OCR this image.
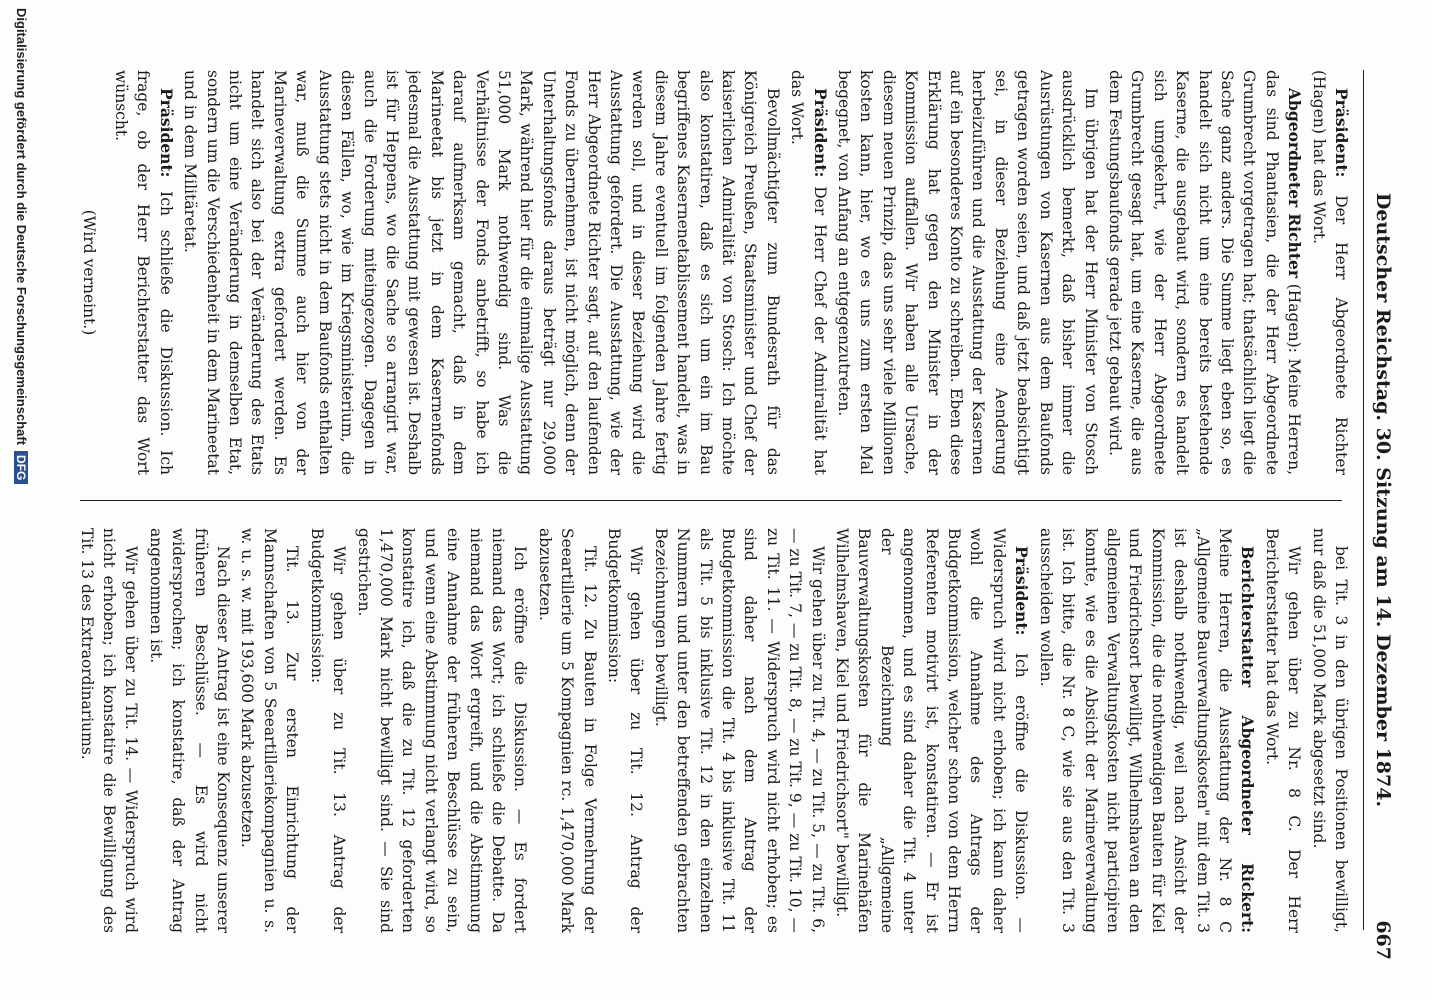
Deutscher Reichstag. 30. Sitzung am 14. Dezember 1874.
667

Präsident: Der Herr Abgeordnete Richter (Hagen) hat das Wort.

Abgeordneter Richter (Hagen): Meine Herren, das sind Phantasien, die der Herr Abgeordnete Grumbrecht vorgetragen hat; thatsächlich liegt die Sache ganz anders. Die Summe liegt eben so, es handelt sich nicht um eine bereits bestehende Kaserne, die ausgebaut wird, sondern es handelt sich umgekehrt, wie der Herr Abgeordnete Grumbrecht gesagt hat, um eine Kaserne, die aus dem Festungsbaufonds gerade jetzt gebaut wird.

Im übrigen hat der Herr Minister von Stosch ausdrücklich bemerkt, daß bisher immer die Ausrüstungen von Kasernen aus dem Baufonds getragen worden seien, und daß jetzt beabsichtigt sei, in dieser Beziehung eine Aenderung herbeizuführen und die Ausstattung der Kasernen auf ein besonderes Konto zu schreiben. Eben diese Erklärung hat gegen den Minister in der Kommission auffallen. Wir haben alle Ursache, diesem neuen Prinzip, das uns sehr viele Millionen kosten kann, hier, wo es uns zum ersten Mal begegnet, von Anfang an entgegenzutreten.

Präsident: Der Herr Chef der Admiralität hat das Wort.

Bevollmächtigter zum Bundesrath für das Königreich Preußen, Staatsminister und Chef der kaiserlichen Admiralität von Stosch: Ich möchte also konstatiren, daß es sich um ein im Bau begriffenes Kasernenetablissement handelt, was in diesem Jahre eventuell im folgenden Jahre fertig werden soll, und in dieser Beziehung wird die Ausstattung gefordert. Die Ausstattung, wie der Herr Abgeordnete Richter sagt, auf den laufenden Fonds zu übernehmen, ist nicht möglich, denn der Unterhaltungsfonds daraus beträgt nur 29,000 Mark, während hier für die einmalige Ausstattung 51,000 Mark nothwendig sind. Was die Verhältnisse der Fonds anbetrifft, so habe ich darauf aufmerksam gemacht, daß in dem Marineetat bis jetzt in dem Kasernenfonds jedesmal die Ausstattung mit gewesen ist. Deshalb ist für Heppens, wo die Sache so arrangirt war, auch die Forderung miteingezogen. Dagegen in diesen Fällen, wo, wie im Kriegsministerium, die Ausstattung stets nicht in dem Baufonds enthalten war, muß die Summe auch hier von der Marineverwaltung extra gefordert werden. Es handelt sich also bei der Veränderung des Etats nicht um eine Veränderung in demselben Etat, sondern um die Verschiedenheit in dem Marineetat und in dem Militäretat.

Präsident: Ich schließe die Diskussion. Ich frage, ob der Herr Berichterstatter das Wort wünscht.

(Wird verneint.)

bei Tit. 3 in den übrigen Positionen bewilligt, nur daß die 51,000 Mark abgesetzt sind.

Wir gehen über zu Nr. 8 C. Der Herr Berichterstatter hat das Wort.

Berichterstatter Abgeordneter Rickert: Meine Herren, die Ausstattung der Nr. 8 C „Allgemeine Bauverwaltungskosten" mit dem Tit. 3 ist deshalb nothwendig, weil nach Ansicht der Kommission, die die nothwendigen Bauten für Kiel und Friedrichsort bewilligt, Wilhelmshaven an den allgemeinen Verwaltungskosten nicht participiren konnte, wie es die Absicht der Marineverwaltung ist. Ich bitte, die Nr. 8 C, wie sie aus den Tit. 3 ausscheiden wollen.

Präsident: Ich eröffne die Diskussion. — Widerspruch wird nicht erhoben; ich kann daher wohl die Annahme des Antrags der Budgetkommission, welcher schon von dem Herrn Referenten motivirt ist, konstatiren. — Er ist angenommen, und es sind daher die Tit. 4 unter der Bezeichnung „Allgemeine Bauverwaltungskosten für die Marinehäfen Wilhelmshaven, Kiel und Friedrichsort" bewilligt.

Wir gehen über zu Tit. 4, — zu Tit. 5, — zu Tit. 6, — zu Tit. 7, — zu Tit. 8, — zu Tit. 9, — zu Tit. 10, — zu Tit. 11. — Widerspruch wird nicht erhoben; es sind daher nach dem Antrag der Budgetkommission die Tit. 4 bis inklusive Tit. 11 als Tit. 5 bis inklusive Tit. 12 in den einzelnen Nummern und unter den betreffenden gebrachten Bezeichnungen bewilligt.

Wir gehen über zu Tit. 12. Antrag der Budgetkommission:

Tit. 12. Zu Bauten in Folge Vermehrung der Seeartillerie um 5 Kompagnien rc. 1,470,000 Mark abzusetzen.

Ich eröffne die Diskussion. — Es fordert niemand das Wort; ich schließe die Debatte. Da niemand das Wort ergreift, und die Abstimmung eine Annahme der früheren Beschlüsse zu sein, und wenn eine Abstimmung nicht verlangt wird, so konstatire ich, daß die zu Tit. 12 geforderten 1,470,000 Mark nicht bewilligt sind. — Sie sind gestrichen.

Wir gehen über zu Tit. 13. Antrag der Budgetkommission:

Tit. 13. Zur ersten Einrichtung der Mannschaften von 5 Seeartilleriekompagnien u. s. w. u. s. w. mit 193,600 Mark abzusetzen.

Nach dieser Antrag ist eine Konsequenz unserer früheren Beschlüsse. — Es wird nicht widersprochen; ich konstatire, daß der Antrag angenommen ist.

Wir gehen über zu Tit. 14. — Widerspruch wird nicht erhoben; ich konstatire die Bewilligung des Tit. 13 des Extraordinariums.

Digitalisierung gefördert durch die Deutsche ForschungsgemeinschaftDFG
